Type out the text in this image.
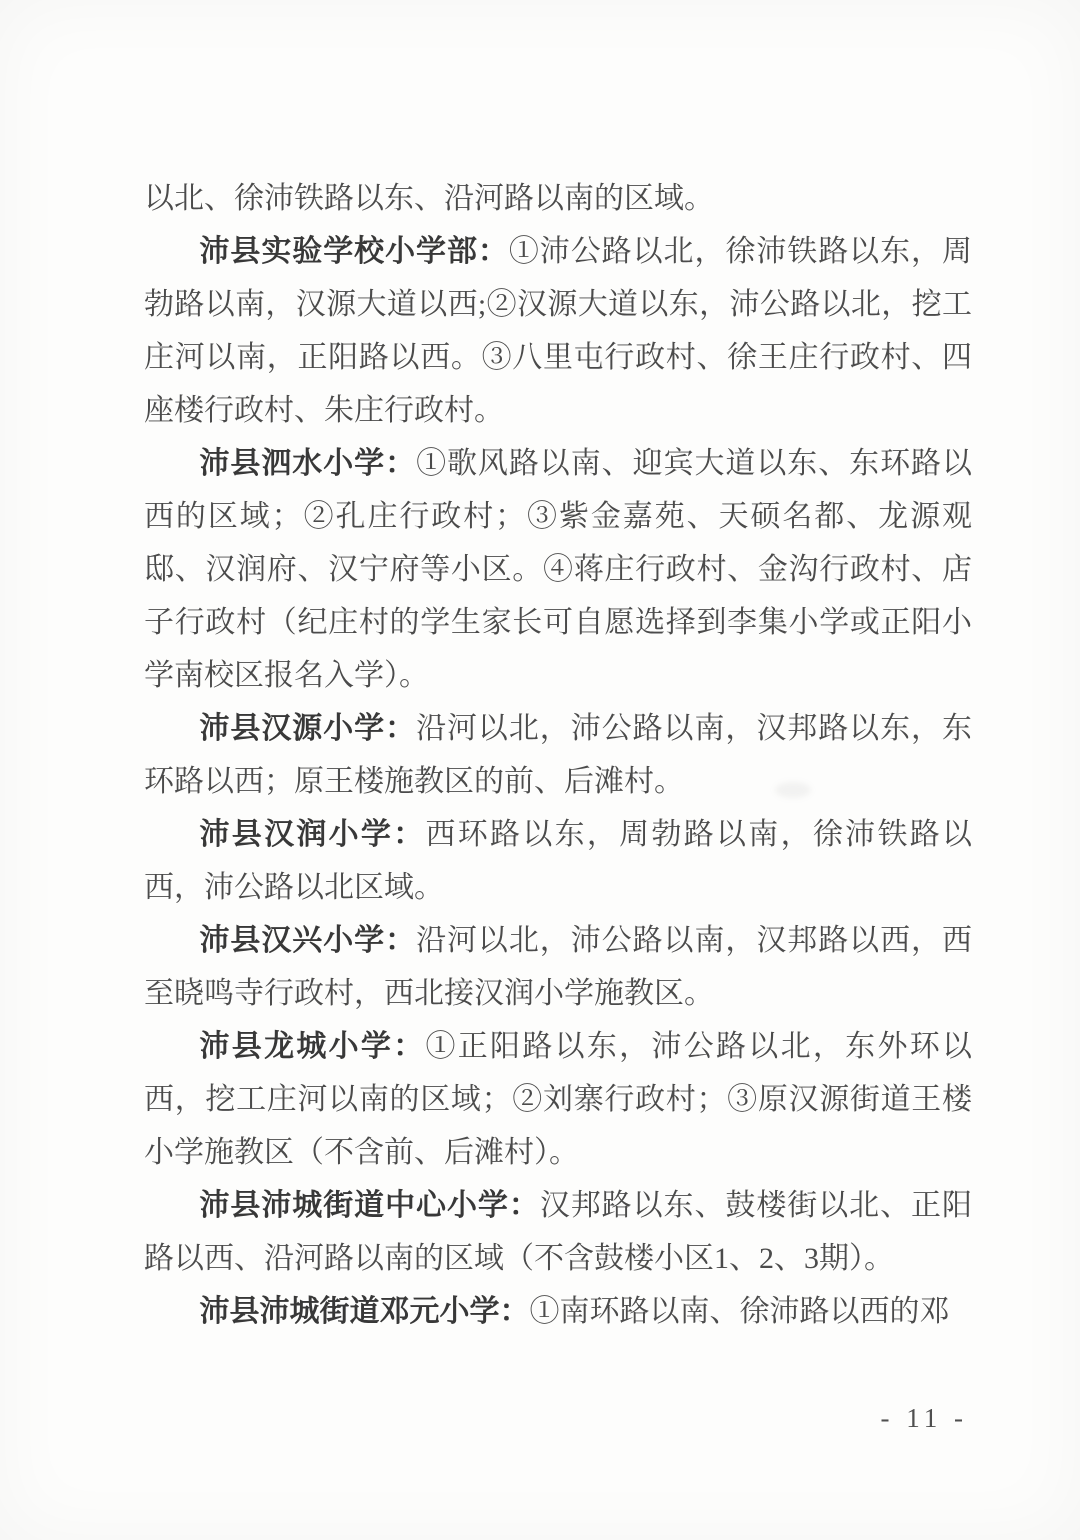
以北、徐沛铁路以东、沿河路以南的区域。

沛县实验学校小学部：①沛公路以北，徐沛铁路以东，周勃路以南，汉源大道以西;②汉源大道以东，沛公路以北，挖工庄河以南，正阳路以西。③八里屯行政村、徐王庄行政村、四座楼行政村、朱庄行政村。

沛县泗水小学：①歌风路以南、迎宾大道以东、东环路以西的区域；②孔庄行政村；③紫金嘉苑、天硕名都、龙源观邸、汉润府、汉宁府等小区。④蒋庄行政村、金沟行政村、店子行政村（纪庄村的学生家长可自愿选择到李集小学或正阳小学南校区报名入学）。

沛县汉源小学：沿河以北，沛公路以南，汉邦路以东，东环路以西；原王楼施教区的前、后滩村。

沛县汉润小学：西环路以东，周勃路以南，徐沛铁路以西，沛公路以北区域。

沛县汉兴小学：沿河以北，沛公路以南，汉邦路以西，西至晓鸣寺行政村，西北接汉润小学施教区。

沛县龙城小学：①正阳路以东，沛公路以北，东外环以西，挖工庄河以南的区域；②刘寨行政村；③原汉源街道王楼小学施教区（不含前、后滩村）。

沛县沛城街道中心小学：汉邦路以东、鼓楼街以北、正阳路以西、沿河路以南的区域（不含鼓楼小区1、2、3期）。

沛县沛城街道邓元小学：①南环路以南、徐沛路以西的邓

- 11 -
